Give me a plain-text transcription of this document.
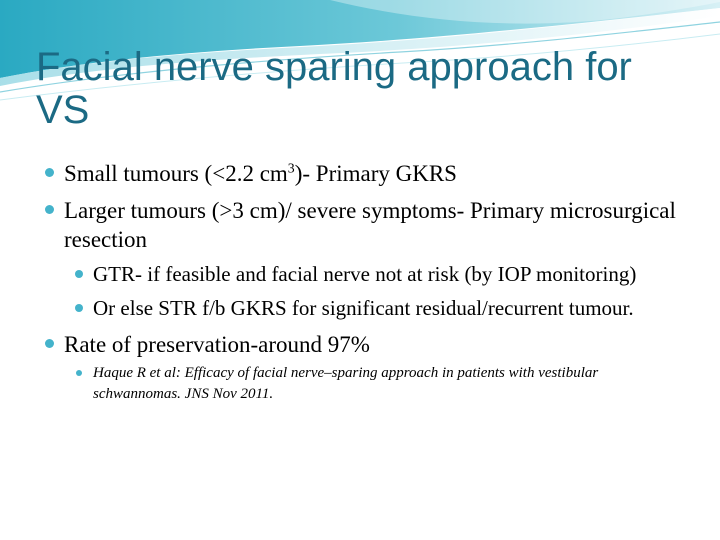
Facial nerve sparing approach for
VS
Small tumours (<2.2 $cm^3)-$ Primary GKRS
Larger tumours (>3 cm)/ severe symptoms- Primary microsurgical resection
GTR- if feasible and facial nerve not at risk (by IOP monitoring)
Or else STR f/b GKRS for significant residual/recurrent tumour.
Rate of preservation-around 97%
Haque R et al: Efficacy of facial nerve–sparing approach in patients with vestibular schwannomas. JNS Nov 2011.
